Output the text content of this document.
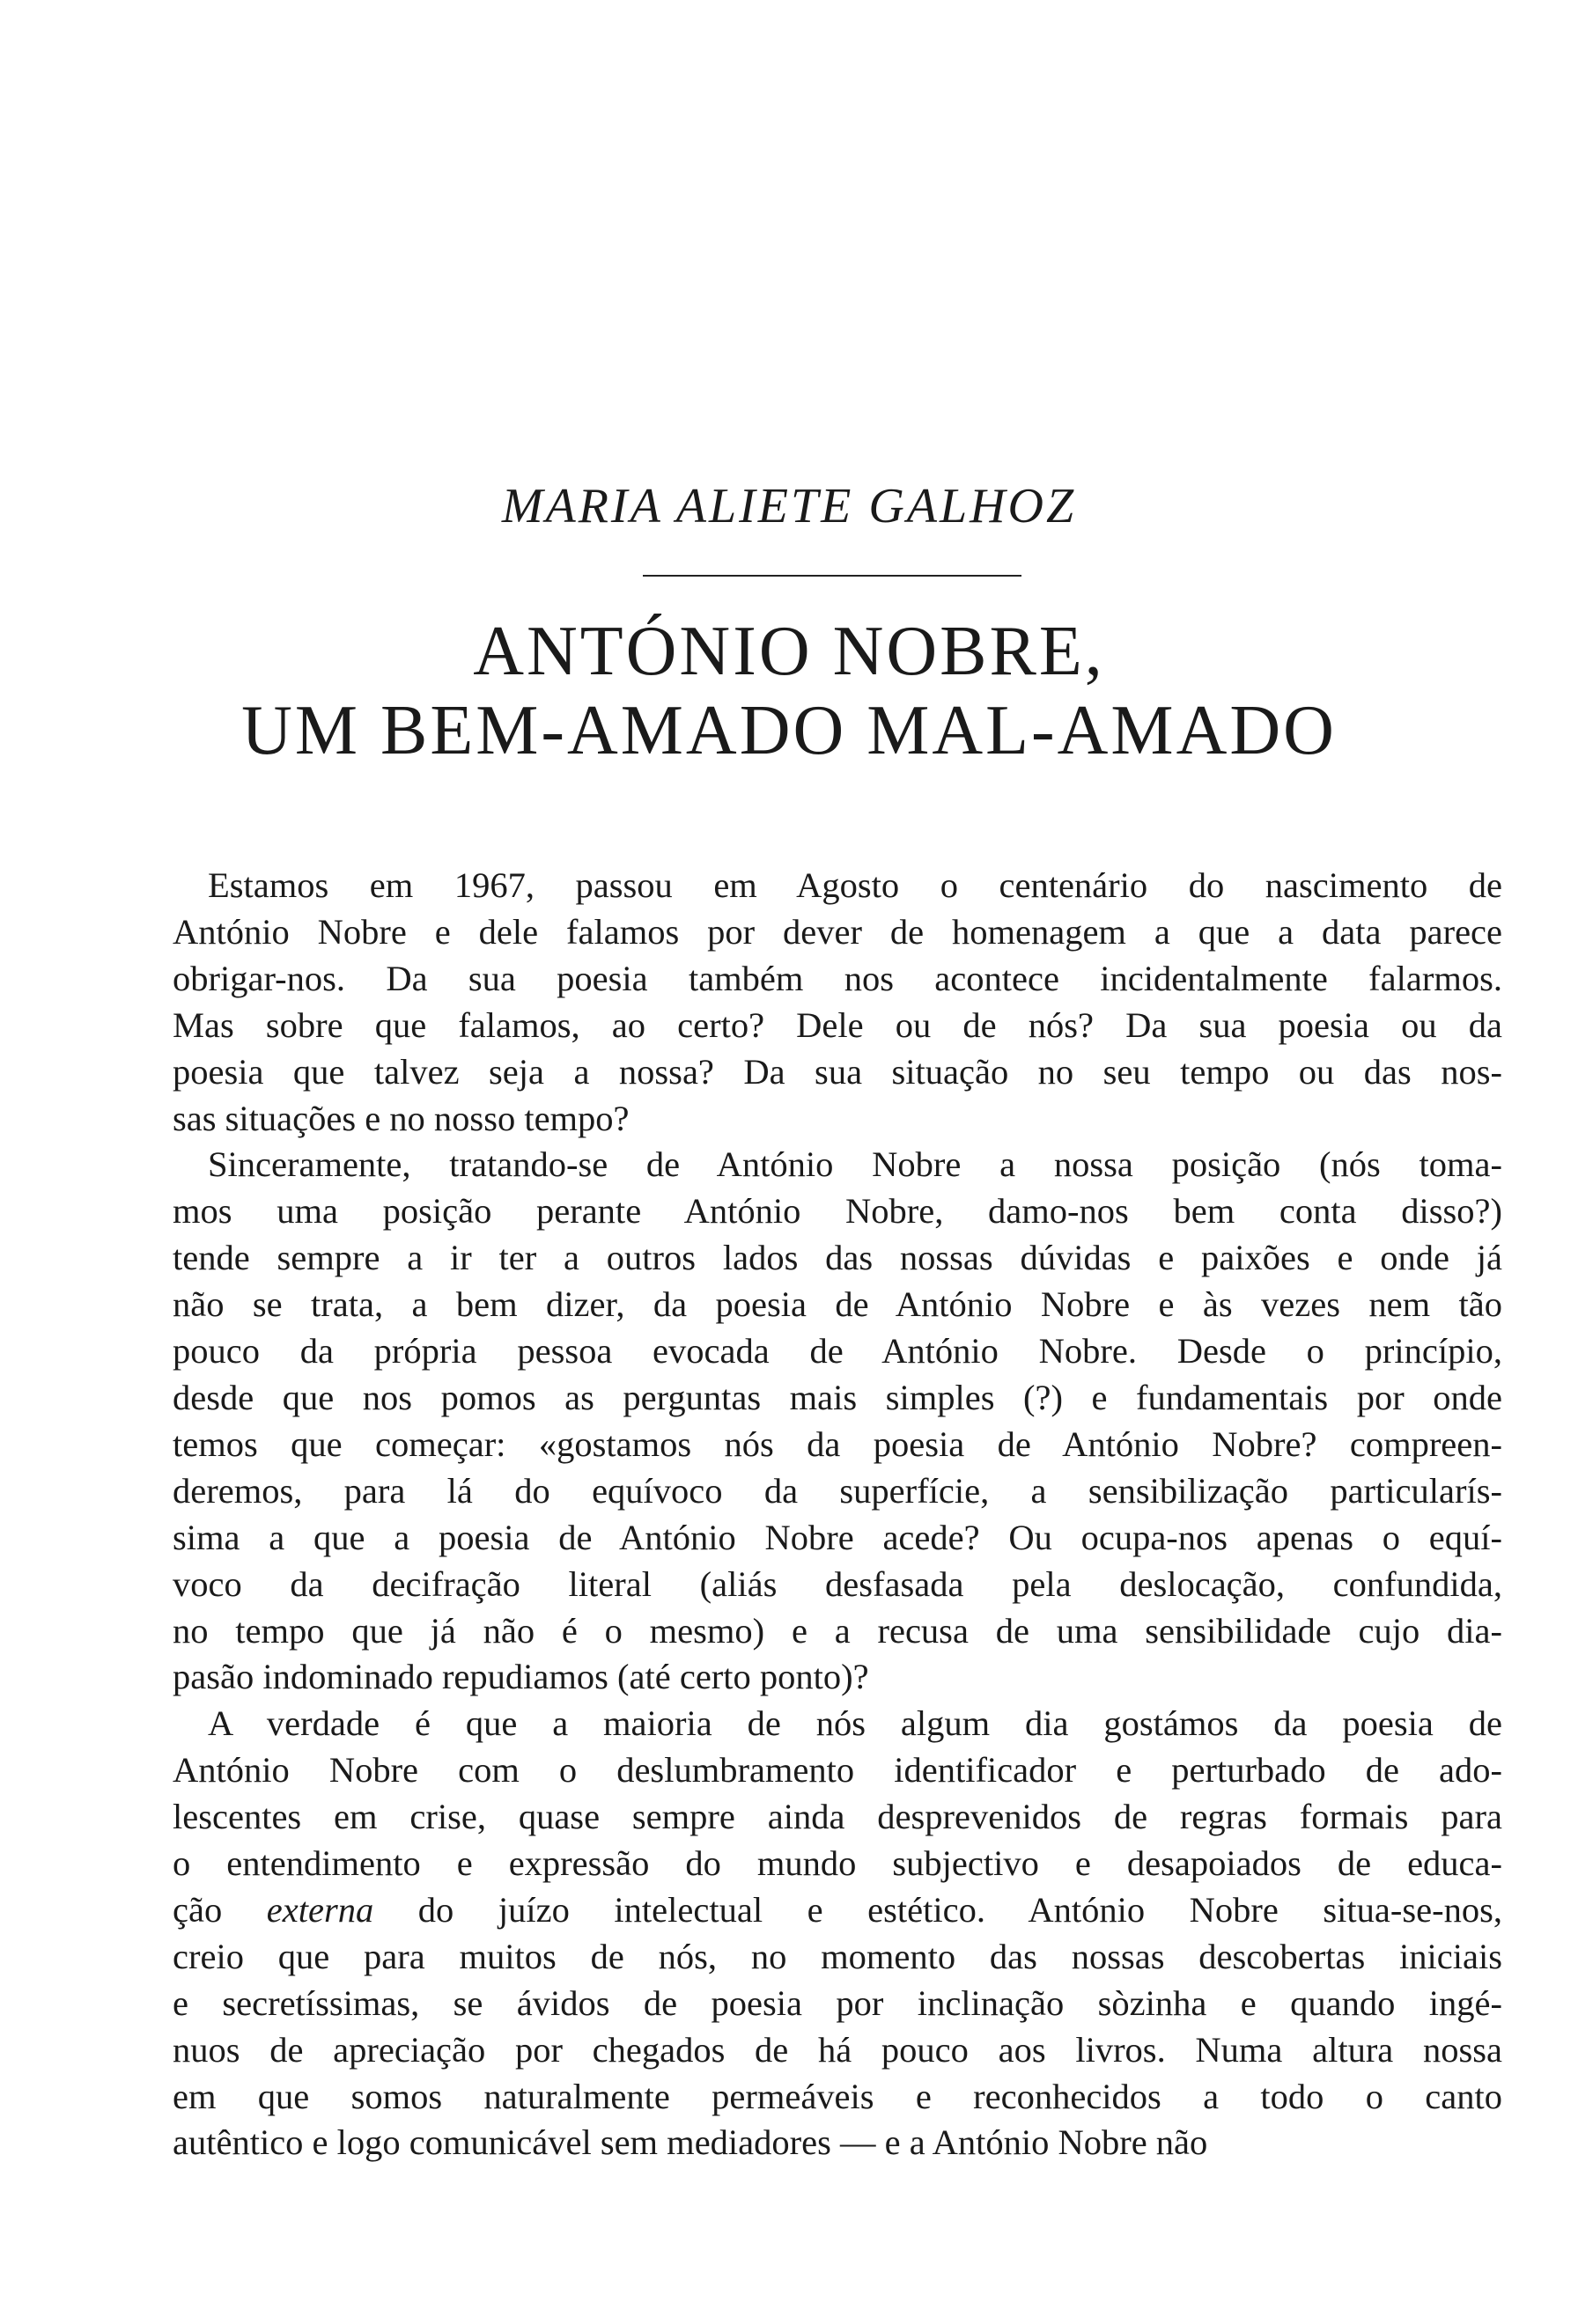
MARIA ALIETE GALHOZ
ANTÓNIO NOBRE,
UM BEM-AMADO MAL-AMADO

Estamos em 1967, passou em Agosto o centenário do nascimento de
António Nobre e dele falamos por dever de homenagem a que a data parece
obrigar-nos. Da sua poesia também nos acontece incidentalmente falarmos.
Mas sobre que falamos, ao certo? Dele ou de nós? Da sua poesia ou da
poesia que talvez seja a nossa? Da sua situação no seu tempo ou das nos-
sas situações e no nosso tempo?

Sinceramente, tratando-se de António Nobre a nossa posição (nós toma-
mos uma posição perante António Nobre, damo-nos bem conta disso?)
tende sempre a ir ter a outros lados das nossas dúvidas e paixões e onde já
não se trata, a bem dizer, da poesia de António Nobre e às vezes nem tão
pouco da própria pessoa evocada de António Nobre. Desde o princípio,
desde que nos pomos as perguntas mais simples (?) e fundamentais por onde
temos que começar: «gostamos nós da poesia de António Nobre? compreen-
deremos, para lá do equívoco da superfície, a sensibilização particularís-
sima a que a poesia de António Nobre acede? Ou ocupa-nos apenas o equí-
voco da decifração literal (aliás desfasada pela deslocação, confundida,
no tempo que já não é o mesmo) e a recusa de uma sensibilidade cujo dia-
pasão indominado repudiamos (até certo ponto)?

A verdade é que a maioria de nós algum dia gostámos da poesia de
António Nobre com o deslumbramento identificador e perturbado de ado-
lescentes em crise, quase sempre ainda desprevenidos de regras formais para
o entendimento e expressão do mundo subjectivo e desapoiados de educa-
ção externa do juízo intelectual e estético. António Nobre situa-se-nos,
creio que para muitos de nós, no momento das nossas descobertas iniciais
e secretíssimas, se ávidos de poesia por inclinação sòzinha e quando ingé-
nuos de apreciação por chegados de há pouco aos livros. Numa altura nossa
em que somos naturalmente permeáveis e reconhecidos a todo o canto
autêntico e logo comunicável sem mediadores — e a António Nobre não
